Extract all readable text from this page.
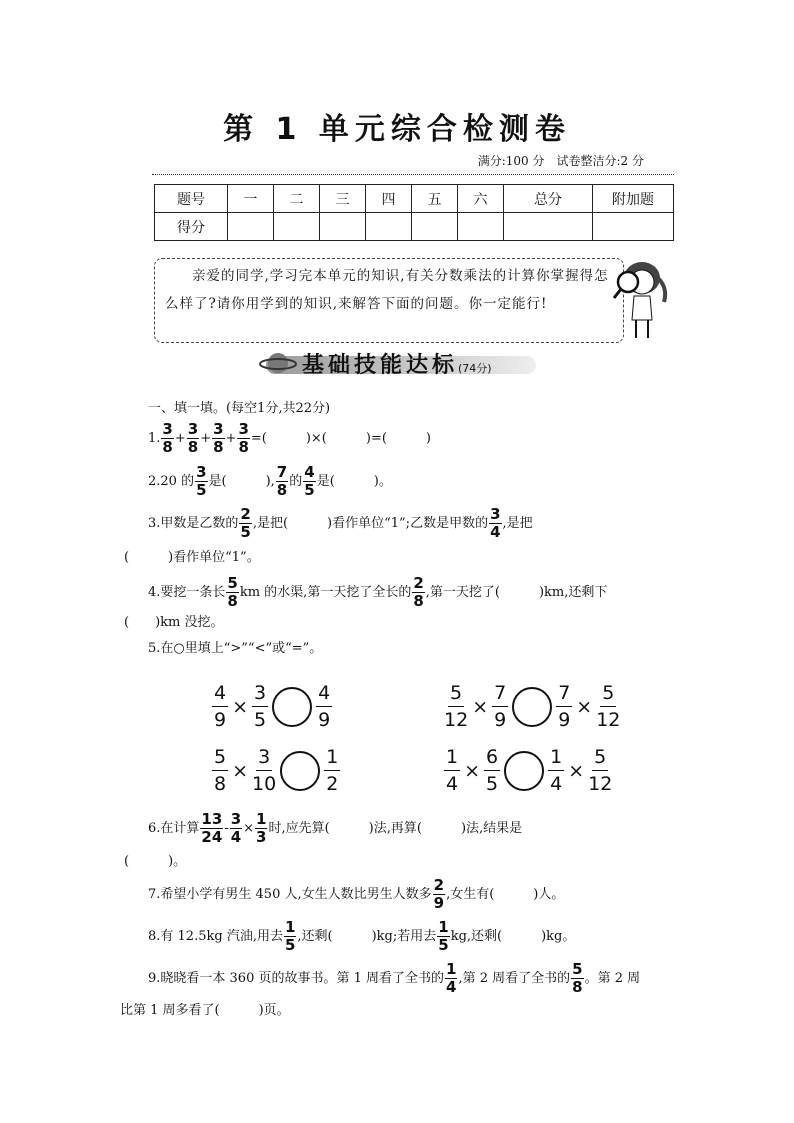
第 1 单元综合检测卷
满分:100 分　试卷整洁分:2 分
题号	一	二	三	四	五	六	总分	附加题
得分								
亲爱的同学,学习完本单元的知识,有关分数乘法的计算你掌握得怎么样了?请你用学到的知识,来解答下面的问题。你一定能行!
基础技能达标(74分)
一、填一填。(每空1分,共22分)
1. $\frac{3}{8} + \frac{3}{8} + \frac{3}{8} + \frac{3}{8}$ =(　　　)×(　　　)=(　　　)
2.20 的 $\frac{3}{5}$ 是(　　　), $\frac{7}{8}$ 的 $\frac{4}{5}$ 是(　　　)。
3.甲数是乙数的 $\frac{2}{5}$ ,是把(　　　)看作单位“1”;乙数是甲数的 $\frac{3}{4}$ ,是把
(　　　)看作单位“1”。
4.要挖一条长 $\frac{5}{8}$ km 的水渠,第一天挖了全长的 $\frac{2}{8}$ ,第一天挖了(　　　)km,还剩下
(　　)km 没挖。
5.在○里填上“>”“<”或“=”。
$\frac{4}{9} \times \frac{3}{5}$	$\frac{4}{9}$	$\frac{5}{12} \times \frac{7}{9}$	$\frac{7}{9} \times \frac{5}{12}$
$\frac{5}{8} \times \frac{3}{10}$	$\frac{1}{2}$	$\frac{1}{4} \times \frac{6}{5}$	$\frac{1}{4} \times \frac{5}{12}$
6.在计算 $\frac{13}{24} - \frac{3}{4} \times \frac{1}{3}$ 时,应先算(　　　)法,再算(　　　)法,结果是
(　　　)。
7.希望小学有男生 450 人,女生人数比男生人数多 $\frac{2}{9}$ ,女生有(　　　)人。
8.有 12.5kg 汽油,用去 $\frac{1}{5}$ ,还剩(　　　)kg;若用去 $\frac{1}{5}$ kg,还剩(　　　)kg。
9.晓晓看一本 360 页的故事书。第 1 周看了全书的 $\frac{1}{4}$ ,第 2 周看了全书的 $\frac{5}{8}$ 。第 2 周
比第 1 周多看了(　　　)页。
